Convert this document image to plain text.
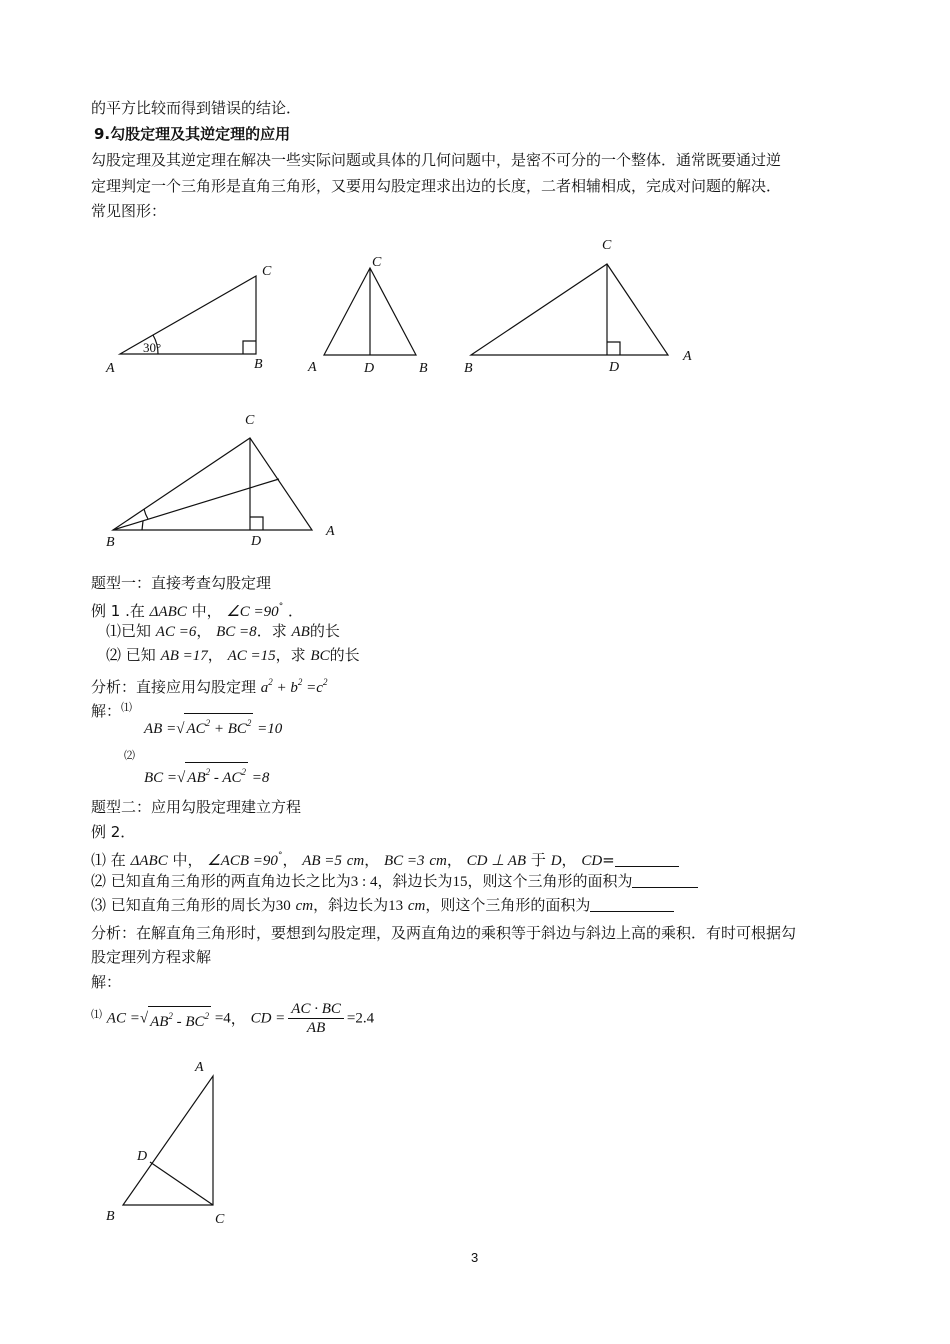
的平方比较而得到错误的结论．
9.勾股定理及其逆定理的应用
勾股定理及其逆定理在解决一些实际问题或具体的几何问题中，是密不可分的一个整体．通常既要通过逆
定理判定一个三角形是直角三角形，又要用勾股定理求出边的长度，二者相辅相成，完成对问题的解决．
常见图形：
A	B
C
30°
A	B
C
D
A
B
C
D
A
B
C
D
A
B	C
D
题型一：直接考查勾股定理
例 1 .在 ΔABC 中， ∠C =90° ．
⑴已知 AC =6， BC =8．求 AB的长
⑵ 已知 AB =17， AC =15，求 BC的长
分析：直接应用勾股定理 $a^2 + b^2 =c^2$
解：⑴
AB =√ $AC^2 + BC^2 =10$
⑵
BC =√ $AB^2 - AC^2 =8$
题型二：应用勾股定理建立方程
例 2．
⑴ 在 ΔABC 中， ∠ACB =90°， AB =5 cm， BC =3 cm， CD ⊥ AB 于 D， CD=
⑵ 已知直角三角形的两直角边长之比为3 : 4，斜边长为15，则这个三角形的面积为
⑶ 已知直角三角形的周长为30 cm，斜边长为13 cm，则这个三角形的面积为
分析：在解直角三角形时，要想到勾股定理，及两直角边的乘积等于斜边与斜边上高的乘积．有时可根据勾
股定理列方程求解
解：
⑴ AC =√ $AB^2 - BC^2 =4$， CD = $\frac{AC \cdot BC}{AB} =2.4$
3
